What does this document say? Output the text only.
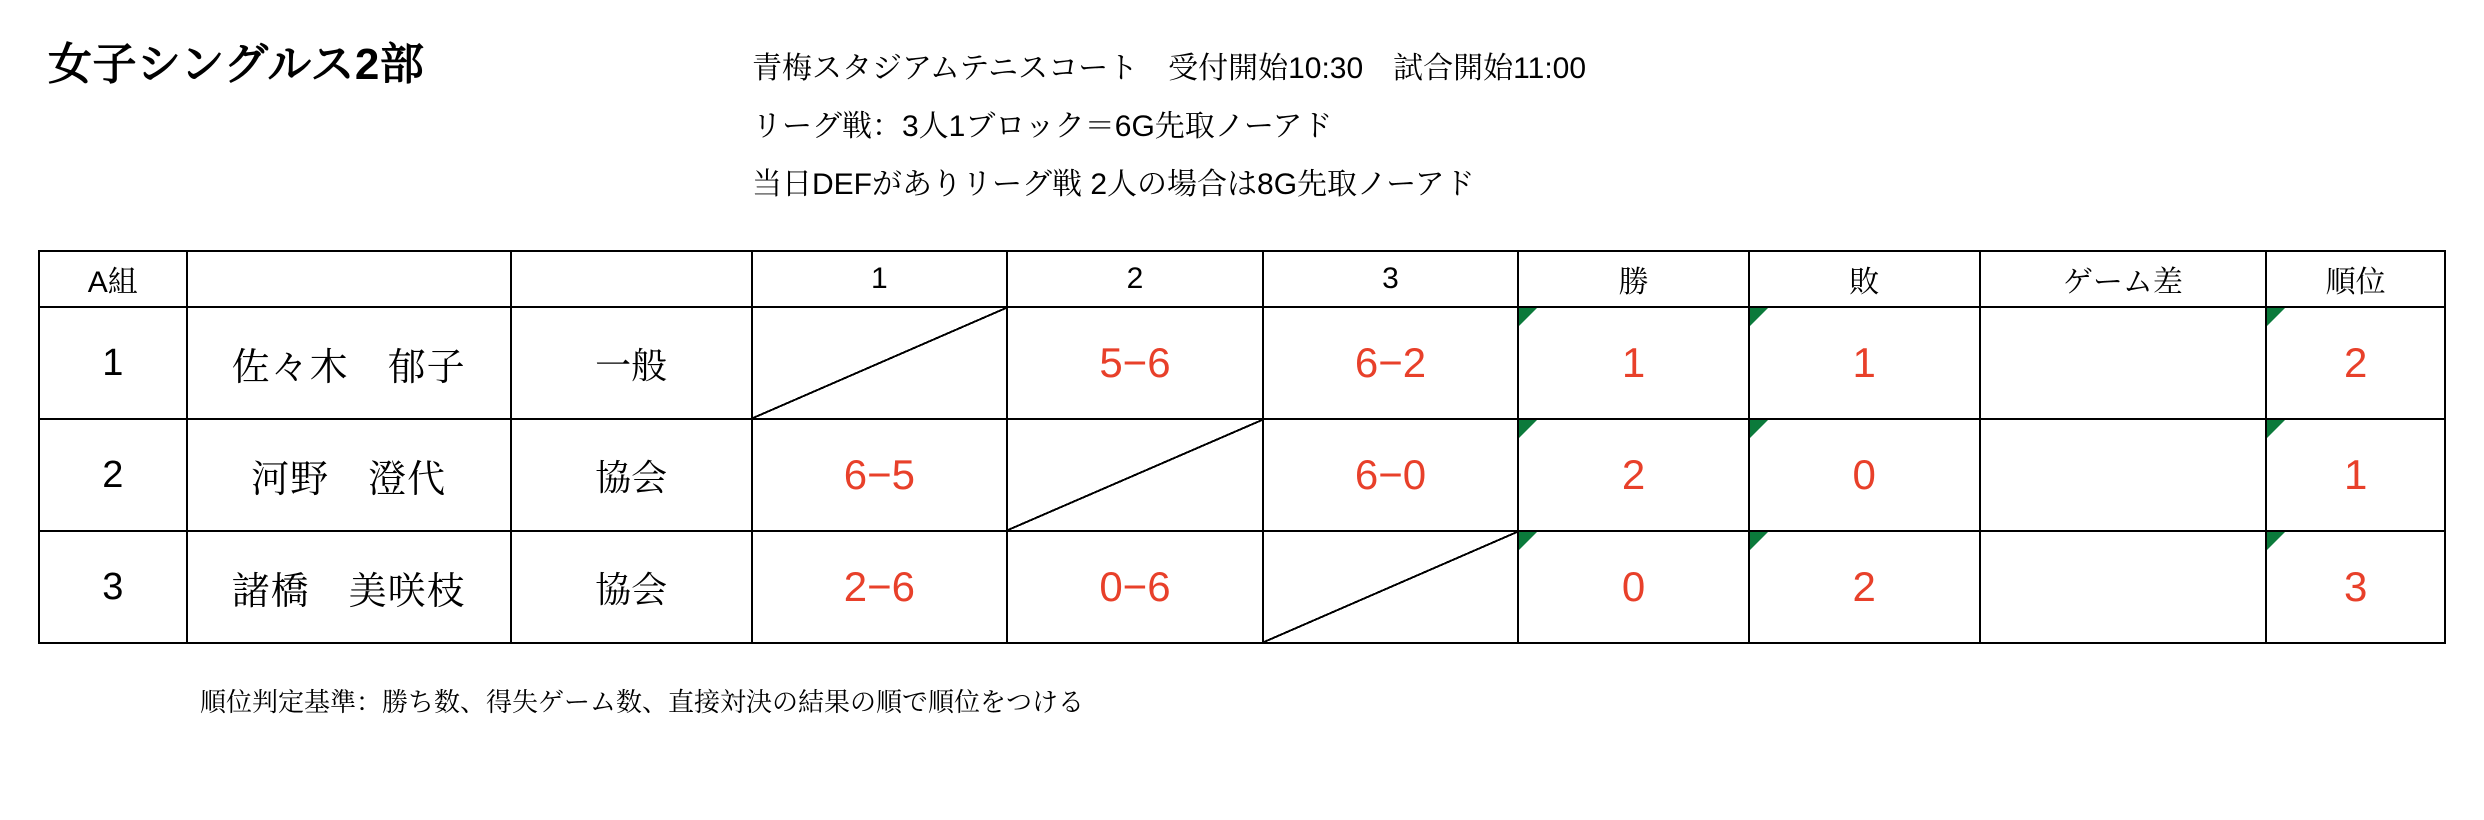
女子シングルス2部	青梅スタジアムテニスコート　受付開始10:30　試合開始11:00
リーグ戦：3人1ブロック＝6G先取ノーアド
当日DEFがありリーグ戦 2人の場合は8G先取ノーアド
A組			1	2	3	勝	敗	ゲーム差	順位
1	佐々木　郁子	一般		5−6	6−2	1	1		2
2	河野　澄代	協会	6−5		6−0	2	0		1
3	諸橋　美咲枝	協会	2−6	0−6		0	2		3
順位判定基準：勝ち数、得失ゲーム数、直接対決の結果の順で順位をつける
